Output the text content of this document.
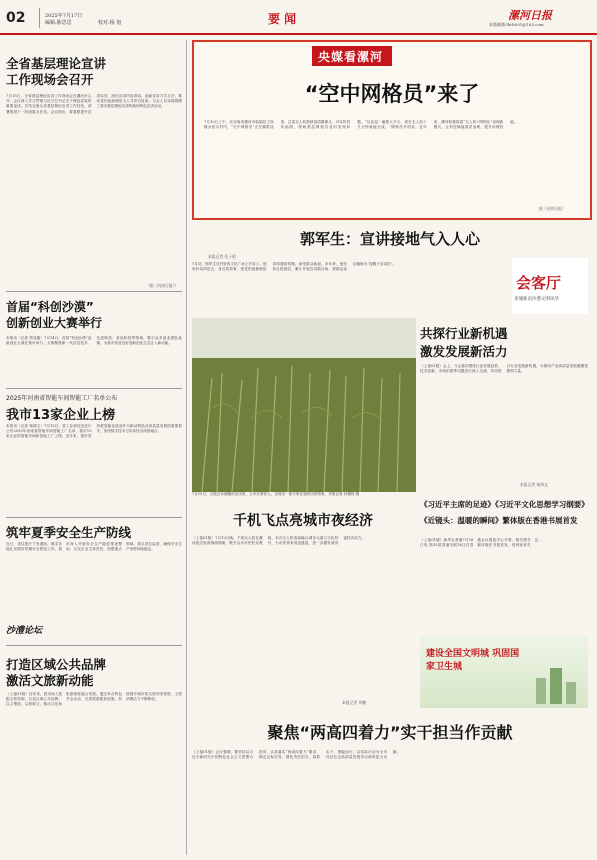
02	2025年7月17日
编辑:陈思思	校对:杨 旭	要 闻	漯河日报
本版邮箱:lhrb001@163.com
全省基层理论宣讲
工作现场会召开
7月15日，全省基层理论宣讲工作现场会在漯河市召开。会议深入学习贯彻习近平总书记关于理论武装的重要论述，总结交流全省基层理论宣讲工作经验，部署推进下一阶段重点任务。会议指出，要着眼提升宣讲实效，深化宣讲内容供给，创新宣讲方式方法，推动党的创新理论飞入寻常百姓家。与会人员实地观摩了我市基层理论宣讲阵地和特色宣讲活动。
（据《河南日报》）
首届“科创沙漠”
创新创业大赛举行
本报讯（记者 郑亚鑫）7月14日，首届“科创沙漠”创新创业大赛在我市举行。大赛聚焦新一代信息技术、先进制造、食品科技等领域，吸引众多创业团队参赛，为我市营造良好创新创业生态注入新动能。
2025年河南省智能车间智能工厂名单公布
我市13家企业上榜
本报讯（记者 杨鸿文）7月15日，省工业和信息化厅公布2025年河南省智能车间智能工厂名单，我市13家企业的智能车间和智能工厂上榜。近年来，我市坚持把智能化改造作为推动制造业高质量发展的重要抓手，加快数字技术与实体经济深度融合。
筑牢夏季安全生产防线
近日，省住建厅下发通知，要求各地扎实做好汛期安全防范工作。我市深入开展安全生产隐患排查整治，压实企业主体责任，加强重点领域、重点部位监管，确保安全生产形势持续稳定。
沙澧论坛
打造区域公共品牌
激活文旅新动能
（上接01版）近年来，我市深入挖掘文旅资源，打造区域公共品牌，以文塑旅、以旅彰文，推动文化和旅游深度融合发展。通过举办特色节会活动、完善旅游配套设施，持续提升城市知名度和美誉度，文旅消费活力不断释放。
央媒看漯河
“空中网格员”来了
7月10日上午，在河南省漯河市临颍县王岗镇水张乌村内，“空中网格员”正在精准巡查，这架无人机搭载高清摄像头，可实时回传画面，帮助基层网格员及时发现问题。“以前巡一遍要大半天，现在无人机十几分钟就能完成。”网格员介绍说。近年来，漯河积极探索“无人机+网格化”治理新模式，让科技赋能基层治理，提升治理效能。
据《光明日报》
郭军生：宣讲接地气入人心
本报记者 张子昭
7月初，郭军生在村里的文化广场上开讲了。他用朴实的语言、身边的故事，把党的创新理论讲得通俗易懂，深受群众欢迎。多年来，他坚持扎根基层，累计开展宣讲数百场，被群众亲切地称为“泥腿子宣讲员”。
会客厅
喜城新语沙澧文明风华
7月15日，召陵区东湖镇的农田里，玉米长势喜人，呈现出一派丰收在望的田园景象。本报记者 孙俊琛 摄
共探行业新机遇
激发发展新活力
（上接01版）会上，与会嘉宾围绕行业发展趋势、技术创新、市场拓展等话题进行深入交流，共同探讨行业发展新机遇，为推动产业高质量发展凝聚智慧和力量。
本报记者 杨鸿文
千机飞点亮城市夜经济
（上接01版）7月12日晚，千架无人机在漯河夜空组成绚丽图案，吸引众多市民驻足观看。本次无人机表演融合城市元素与文化符号，为市民带来视觉盛宴，进一步激发城市夜经济活力。
本报记者 刘鹏
《习近平主席的足迹》《习近平文化思想学习纲要》
《近镜头：温暖的瞬间》繁体版在香港书展首发
（上接01版）新华社香港7月16日电 第35届香港书展16日在香港会议展览中心开幕，相关图书繁体版在书展首发，受到读者关注。
建设全国文明城 巩固国家卫生城
聚焦“两高四着力”实干担当作贡献
（上接01版）会议强调，要坚持以习近平新时代中国特色社会主义思想为指导，认真落实“两高四着力”要求，锚定目标任务，强化责任担当，真抓实干、勇毅前行，以实际行动为全市经济社会高质量发展作出新的更大贡献。
